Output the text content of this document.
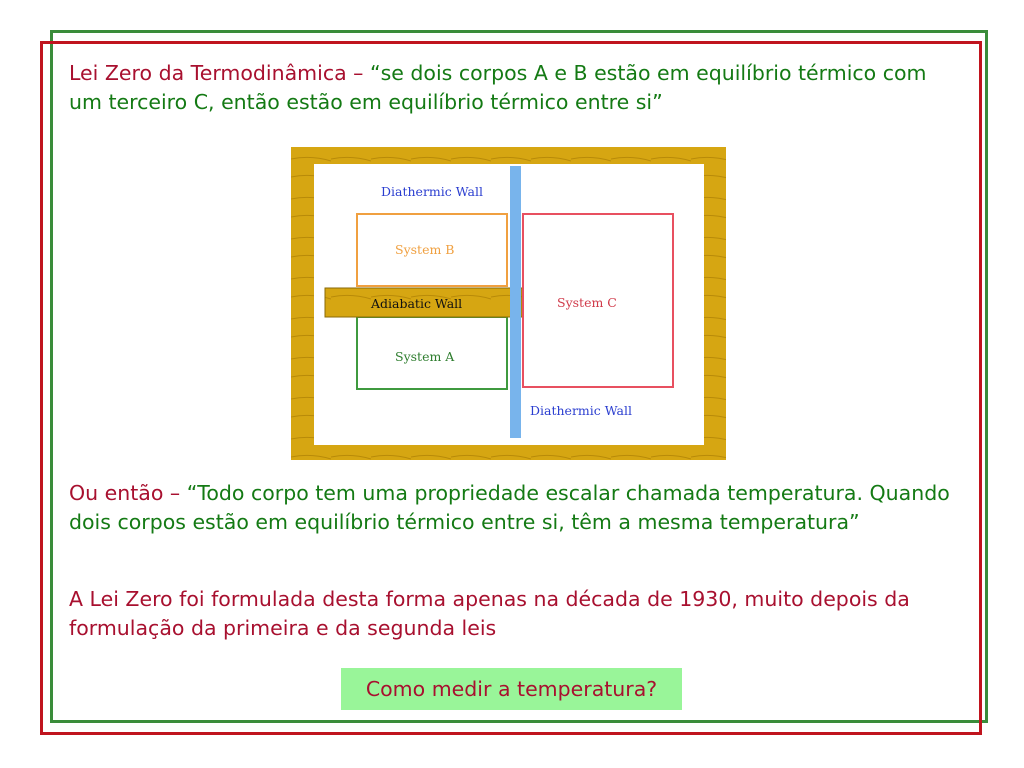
Lei Zero da Termodinâmica – “se dois corpos A e B estão em equilíbrio térmico com um terceiro C, então estão em equilíbrio térmico entre si”
Diathermic Wall
System B
Adiabatic Wall
System A
System C
Diathermic Wall
Ou então – “Todo corpo tem uma propriedade escalar chamada temperatura. Quando dois corpos estão em equilíbrio térmico entre si, têm a mesma temperatura”
A Lei Zero foi formulada desta forma apenas na década de 1930, muito depois da formulação da primeira e da segunda leis
Como medir a temperatura?
